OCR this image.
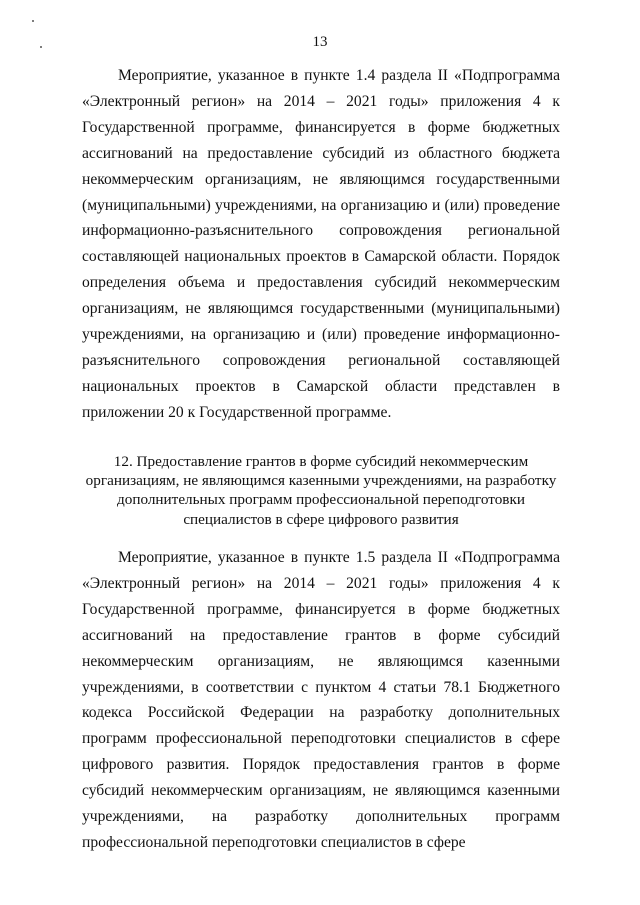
13

Мероприятие, указанное в пункте 1.4 раздела II «Подпрограмма «Электронный регион» на 2014 – 2021 годы» приложения 4 к Государственной программе, финансируется в форме бюджетных ассигнований на предоставление субсидий из областного бюджета некоммерческим организациям, не являющимся государственными (муниципальными) учреждениями, на организацию и (или) проведение информационно-разъяснительного сопровождения региональной составляющей национальных проектов в Самарской области. Порядок определения объема и предоставления субсидий некоммерческим организациям, не являющимся государственными (муниципальными) учреждениями, на организацию и (или) проведение информационно-разъяснительного сопровождения региональной составляющей национальных проектов в Самарской области представлен в приложении 20 к Государственной программе.

12. Предоставление грантов в форме субсидий некоммерческим организациям, не являющимся казенными учреждениями, на разработку дополнительных программ профессиональной переподготовки специалистов в сфере цифрового развития

Мероприятие, указанное в пункте 1.5 раздела II «Подпрограмма «Электронный регион» на 2014 – 2021 годы» приложения 4 к Государственной программе, финансируется в форме бюджетных ассигнований на предоставление грантов в форме субсидий некоммерческим организациям, не являющимся казенными учреждениями, в соответствии с пунктом 4 статьи 78.1 Бюджетного кодекса Российской Федерации на разработку дополнительных программ профессиональной переподготовки специалистов в сфере цифрового развития. Порядок предоставления грантов в форме субсидий некоммерческим организациям, не являющимся казенными учреждениями, на разработку дополнительных программ профессиональной переподготовки специалистов в сфере
